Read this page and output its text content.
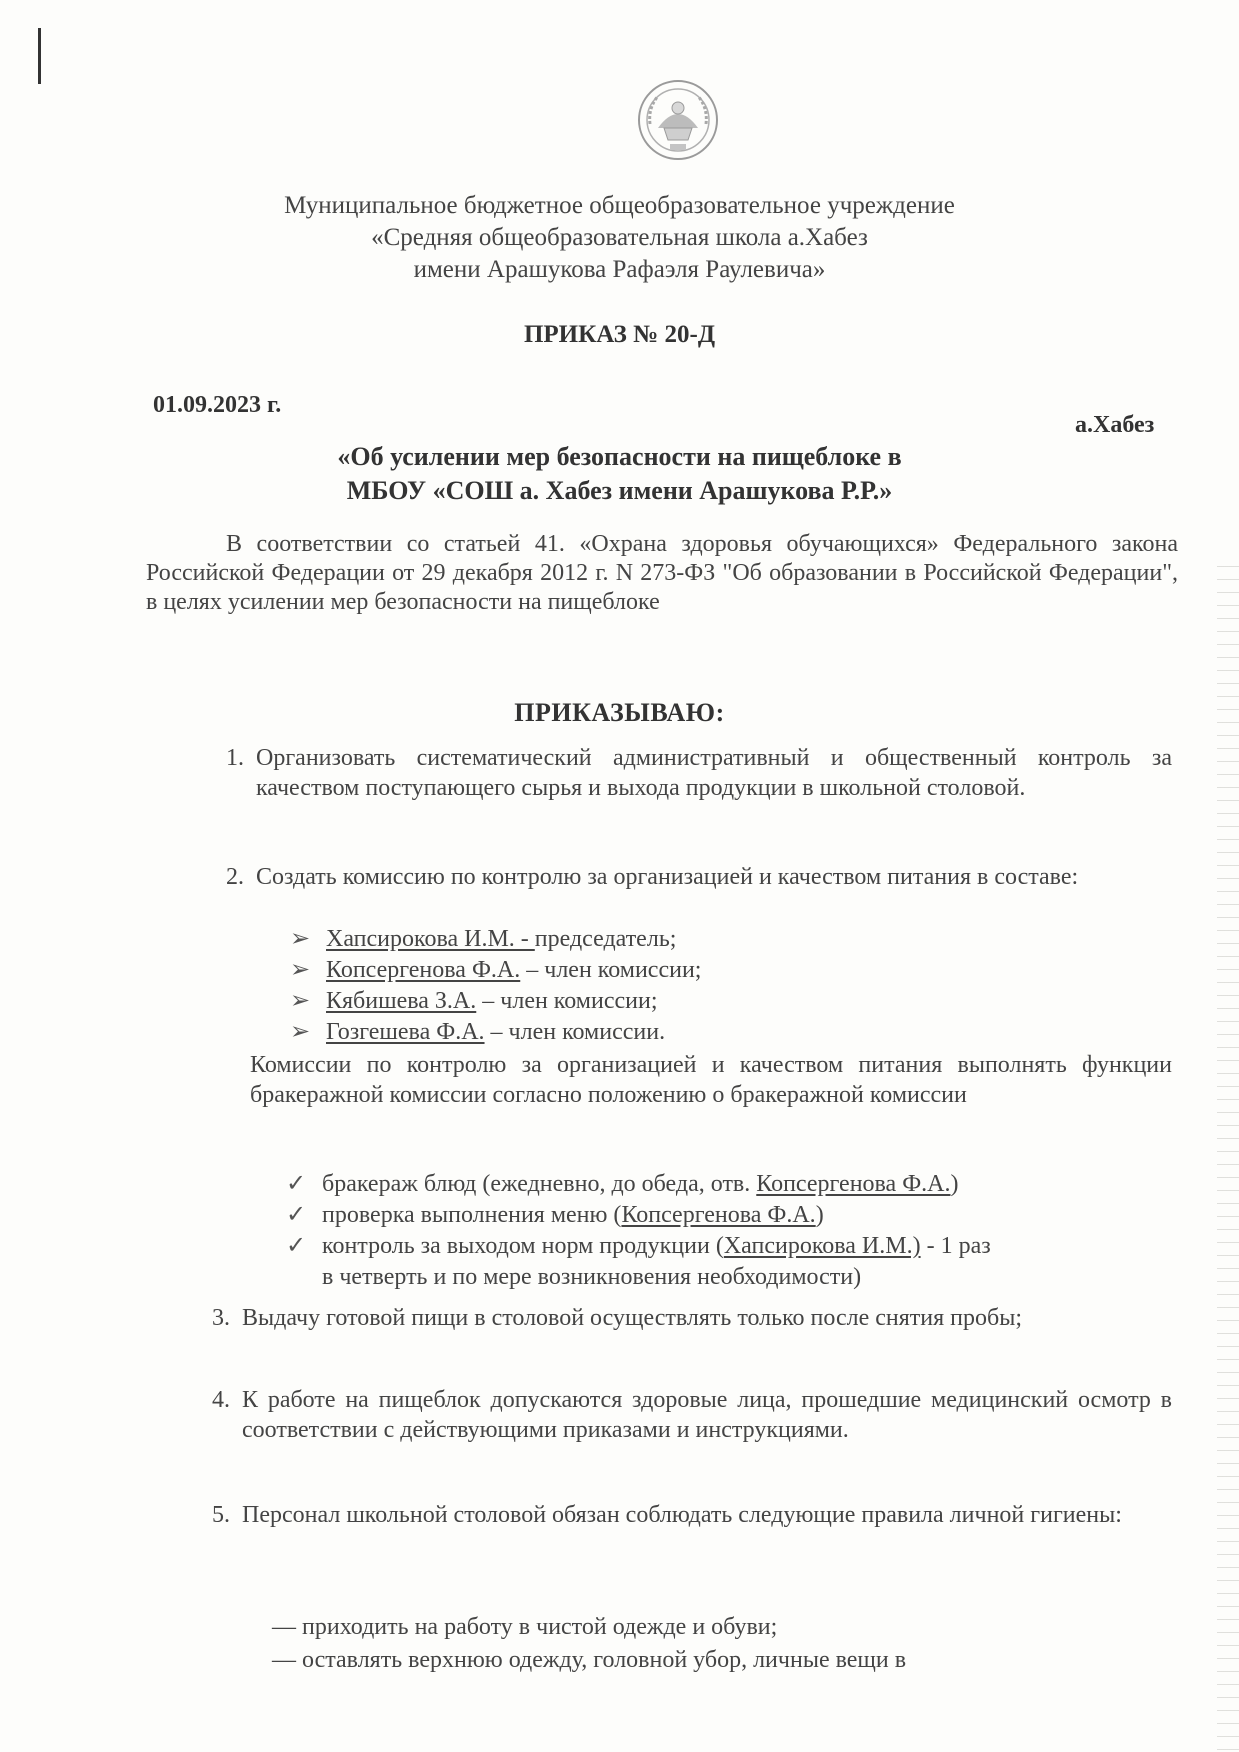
Муниципальное бюджетное общеобразовательное учреждение
«Средняя общеобразовательная школа а.Хабез
имени Арашукова Рафаэля Раулевича»
ПРИКАЗ № 20-Д
01.09.2023 г.
а.Хабез
«Об усилении мер безопасности на пищеблоке в
МБОУ «СОШ а. Хабез имени Арашукова Р.Р.»
В соответствии со статьей 41. «Охрана здоровья обучающихся» Федерального закона Российской Федерации от 29 декабря 2012 г. N 273-ФЗ "Об образовании в Российской Федерации", в целях усилении мер безопасности на пищеблоке
ПРИКАЗЫВАЮ:
1. Организовать систематический административный и общественный контроль за качеством поступающего сырья и выхода продукции в школьной столовой.
2. Создать комиссию по контролю за организацией и качеством питания в составе:
➢ Хапсирокова И.М. - председатель;
➢ Копсергенова Ф.А. – член комиссии;
➢ Кябишева З.А. – член комиссии;
➢ Гозгешева Ф.А. – член комиссии.
Комиссии по контролю за организацией и качеством питания выполнять функции бракеражной комиссии согласно положению о бракеражной комиссии
✓ бракераж блюд (ежедневно, до обеда, отв. Копсергенова Ф.А.)
✓ проверка выполнения меню (Копсергенова Ф.А.)
✓ контроль за выходом норм продукции (Хапсирокова И.М.) - 1 раз
в четверть и по мере возникновения необходимости)
3. Выдачу готовой пищи в столовой осуществлять только после снятия пробы;
4. К работе на пищеблок допускаются здоровые лица, прошедшие медицинский осмотр в соответствии с действующими приказами и инструкциями.
5. Персонал школьной столовой обязан соблюдать следующие правила личной гигиены:
— приходить на работу в чистой одежде и обуви;
— оставлять верхнюю одежду, головной убор, личные вещи в
